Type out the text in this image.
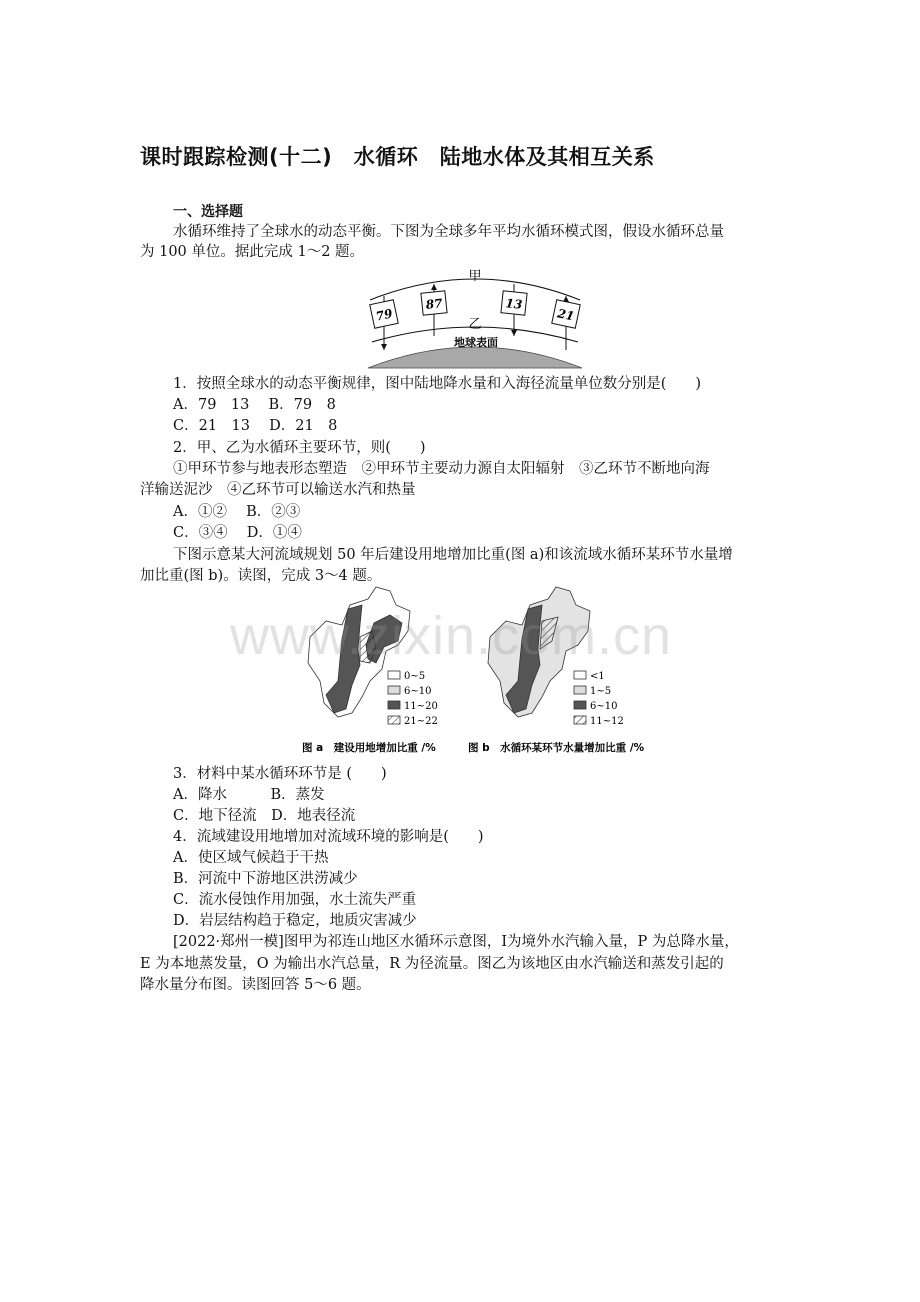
课时跟踪检测(十二)　水循环　陆地水体及其相互关系
一、选择题
水循环维持了全球水的动态平衡。下图为全球多年平均水循环模式图，假设水循环总量
为 100 单位。据此完成 1～2 题。
79
87	13
21
甲
乙
地球表面
1．按照全球水的动态平衡规律，图中陆地降水量和入海径流量单位数分别是(　　)
A．79　13　 B．79　8
C．21　13　 D．21　8
2．甲、乙为水循环主要环节，则(　　)
①甲环节参与地表形态塑造　②甲环节主要动力源自太阳辐射　③乙环节不断地向海
洋输送泥沙　④乙环节可以输送水汽和热量
A．①②　 B．②③
C．③④　 D．①④
下图示意某大河流域规划 50 年后建设用地增加比重(图 a)和该流域水循环某环节水量增
加比重(图 b)。读图，完成 3～4 题。
0~5
6~10
11~20
21~22
<1
1~5
6~10
11~12
图 a　建设用地增加比重 /%	图 b　水循环某环节水量增加比重 /%
www.zixin.com.cn
3．材料中某水循环环节是 (　　)
A．降水　　　B．蒸发
C．地下径流　D．地表径流
4．流域建设用地增加对流域环境的影响是(　　)
A．使区域气候趋于干热
B．河流中下游地区洪涝减少
C．流水侵蚀作用加强，水土流失严重
D．岩层结构趋于稳定，地质灾害减少
[2022·郑州一模]图甲为祁连山地区水循环示意图，Ⅰ为境外水汽输入量，P 为总降水量，
E 为本地蒸发量，O 为输出水汽总量，R 为径流量。图乙为该地区由水汽输送和蒸发引起的
降水量分布图。读图回答 5～6 题。
